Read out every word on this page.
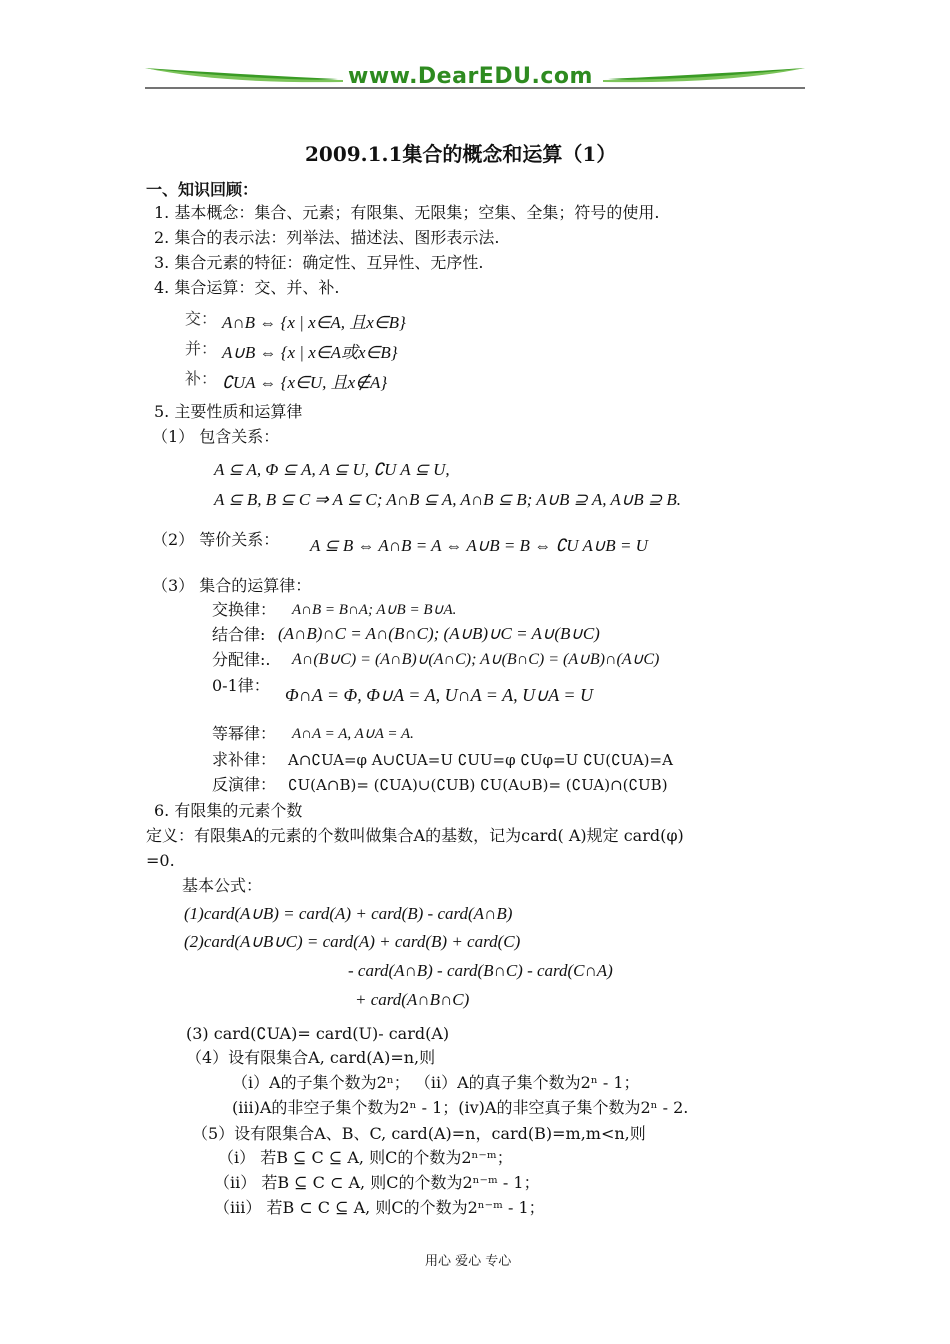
www.DearEDU.com
2009.1.1集合的概念和运算（1）
一、知识回顾：
1. 基本概念：集合、元素；有限集、无限集；空集、全集；符号的使用.
2. 集合的表示法：列举法、描述法、图形表示法.
3. 集合元素的特征：确定性、互异性、无序性.
4. 集合运算：交、并、补.
交： A∩B ⇔ {x | x∈A, 且x∈B}
并： A∪B ⇔ {x | x∈A或x∈B}
补： ∁UA ⇔ {x∈U, 且x∉A}
5. 主要性质和运算律
（1） 包含关系：
A ⊆ A, Φ ⊆ A, A ⊆ U, ∁U A ⊆ U,
A ⊆ B, B ⊆ C ⇒ A ⊆ C; A∩B ⊆ A, A∩B ⊆ B; A∪B ⊇ A, A∪B ⊇ B.
（2） 等价关系： A ⊆ B ⇔ A∩B = A ⇔ A∪B = B ⇔ ∁U A∪B = U
（3） 集合的运算律：
交换律： A∩B = B∩A; A∪B = B∪A.
结合律: (A∩B)∩C = A∩(B∩C); (A∪B)∪C = A∪(B∪C)
分配律:. A∩(B∪C) = (A∩B)∪(A∩C); A∪(B∩C) = (A∪B)∩(A∪C)
0-1律： Φ∩A = Φ, Φ∪A = A, U∩A = A, U∪A = U
等幂律： A∩A = A, A∪A = A.
求补律： A∩∁UA=φ A∪∁UA=U ∁UU=φ ∁Uφ=U ∁U(∁UA)=A
反演律： ∁U(A∩B)= (∁UA)∪(∁UB) ∁U(A∪B)= (∁UA)∩(∁UB)
6. 有限集的元素个数
定义：有限集A的元素的个数叫做集合A的基数，记为card( A)规定 card(φ)
=0.
基本公式：
(1)card(A∪B) = card(A) + card(B) - card(A∩B)
(2)card(A∪B∪C) = card(A) + card(B) + card(C)
- card(A∩B) - card(B∩C) - card(C∩A)
+ card(A∩B∩C)
(3) card(∁UA)= card(U)- card(A)
（4）设有限集合A, card(A)=n,则
（i）A的子集个数为2ⁿ； （ii）A的真子集个数为2ⁿ - 1；
(iii)A的非空子集个数为2ⁿ - 1；(iv)A的非空真子集个数为2ⁿ - 2.
（5）设有限集合A、B、C, card(A)=n，card(B)=m,m<n,则
（i） 若B ⊆ C ⊆ A, 则C的个数为2ⁿ⁻ᵐ；
（ii） 若B ⊆ C ⊂ A, 则C的个数为2ⁿ⁻ᵐ - 1；
（iii） 若B ⊂ C ⊆ A, 则C的个数为2ⁿ⁻ᵐ - 1；
用心 爱心 专心
